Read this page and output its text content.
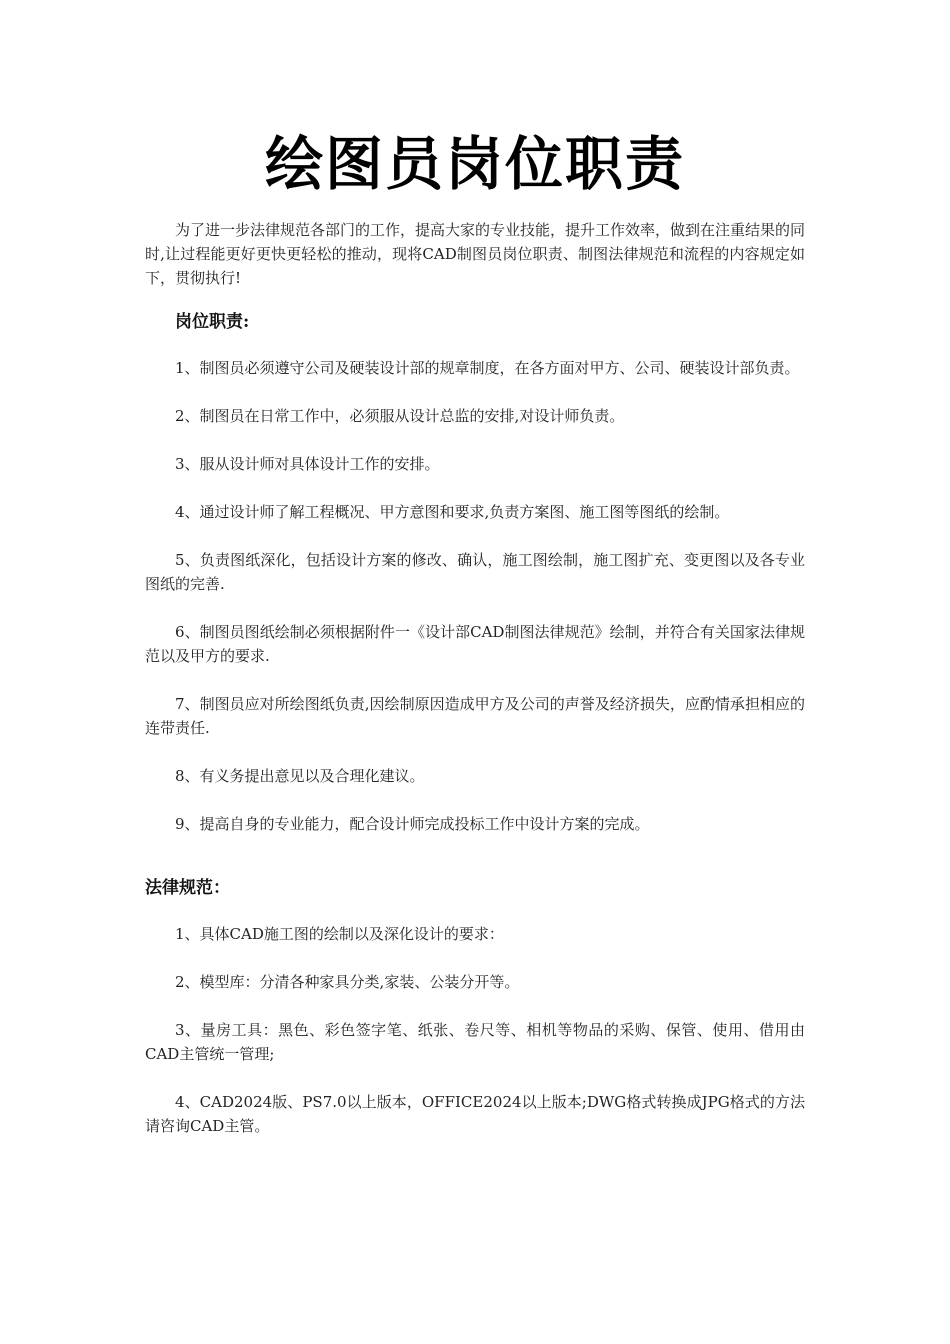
绘图员岗位职责

为了进一步法律规范各部门的工作，提高大家的专业技能，提升工作效率，做到在注重结果的同时,让过程能更好更快更轻松的推动，现将CAD制图员岗位职责、制图法律规范和流程的内容规定如下，贯彻执行!

岗位职责:

1、制图员必须遵守公司及硬装设计部的规章制度，在各方面对甲方、公司、硬装设计部负责。

2、制图员在日常工作中，必须服从设计总监的安排,对设计师负责。

3、服从设计师对具体设计工作的安排。

4、通过设计师了解工程概况、甲方意图和要求,负责方案图、施工图等图纸的绘制。

5、负责图纸深化，包括设计方案的修改、确认，施工图绘制，施工图扩充、变更图以及各专业图纸的完善.

6、制图员图纸绘制必须根据附件一《设计部CAD制图法律规范》绘制，并符合有关国家法律规范以及甲方的要求.

7、制图员应对所绘图纸负责,因绘制原因造成甲方及公司的声誉及经济损失，应酌情承担相应的连带责任.

8、有义务提出意见以及合理化建议。

9、提高自身的专业能力，配合设计师完成投标工作中设计方案的完成。

法律规范：

1、具体CAD施工图的绘制以及深化设计的要求：

2、模型库：分清各种家具分类,家装、公装分开等。

3、量房工具：黑色、彩色签字笔、纸张、卷尺等、相机等物品的采购、保管、使用、借用由CAD主管统一管理;

4、CAD2024版、PS7.0以上版本，OFFICE2024以上版本;DWG格式转换成JPG格式的方法请咨询CAD主管。
